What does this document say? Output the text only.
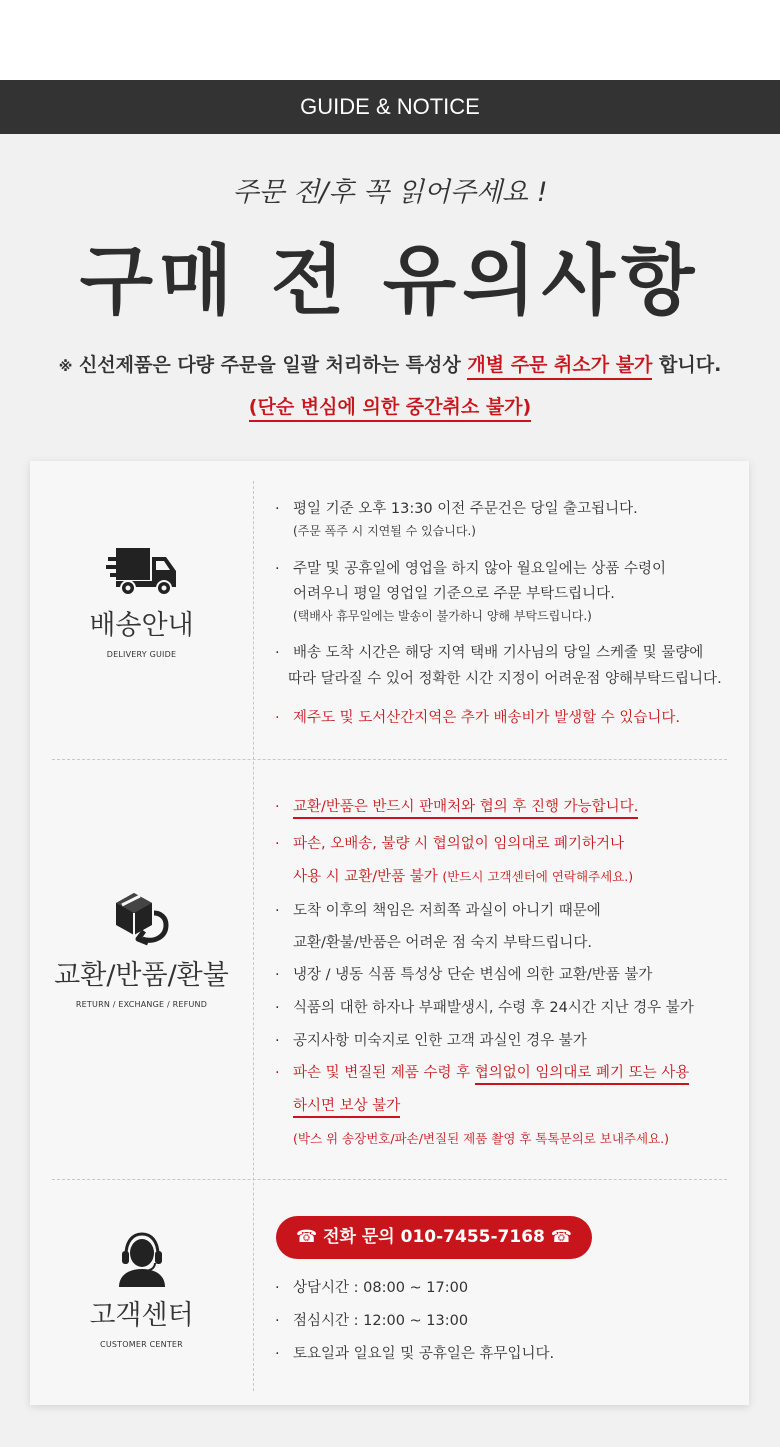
GUIDE & NOTICE
주문 전/후 꼭 읽어주세요 !
구매 전 유의사항
※ 신선제품은 다량 주문을 일괄 처리하는 특성상 개별 주문 취소가 불가 합니다.
(단순 변심에 의한 중간취소 불가)
배송안내
DELIVERY GUIDE
· 평일 기준 오후 13:30 이전 주문건은 당일 출고됩니다.
(주문 폭주 시 지연될 수 있습니다.)
· 주말 및 공휴일에 영업을 하지 않아 월요일에는 상품 수령이
어려우니 평일 영업일 기준으로 주문 부탁드립니다.
(택배사 휴무일에는 발송이 불가하니 양해 부탁드립니다.)
· 배송 도착 시간은 해당 지역 택배 기사님의 당일 스케줄 및 물량에
따라 달라질 수 있어 정확한 시간 지정이 어려운점 양해부탁드립니다.
· 제주도 및 도서산간지역은 추가 배송비가 발생할 수 있습니다.
교환/반품/환불
RETURN / EXCHANGE / REFUND
· 교환/반품은 반드시 판매처와 협의 후 진행 가능합니다.
· 파손, 오배송, 불량 시 협의없이 임의대로 폐기하거나
사용 시 교환/반품 불가 (반드시 고객센터에 연락해주세요.)
· 도착 이후의 책임은 저희쪽 과실이 아니기 때문에
교환/환불/반품은 어려운 점 숙지 부탁드립니다.
· 냉장 / 냉동 식품 특성상 단순 변심에 의한 교환/반품 불가
· 식품의 대한 하자나 부패발생시, 수령 후 24시간 지난 경우 불가
· 공지사항 미숙지로 인한 고객 과실인 경우 불가
· 파손 및 변질된 제품 수령 후 협의없이 임의대로 폐기 또는 사용
하시면 보상 불가
(박스 위 송장번호/파손/변질된 제품 촬영 후 톡톡문의로 보내주세요.)
고객센터
CUSTOMER CENTER
☎ 전화 문의 010-7455-7168 ☎
· 상담시간 : 08:00 ~ 17:00
· 점심시간 : 12:00 ~ 13:00
· 토요일과 일요일 및 공휴일은 휴무입니다.
